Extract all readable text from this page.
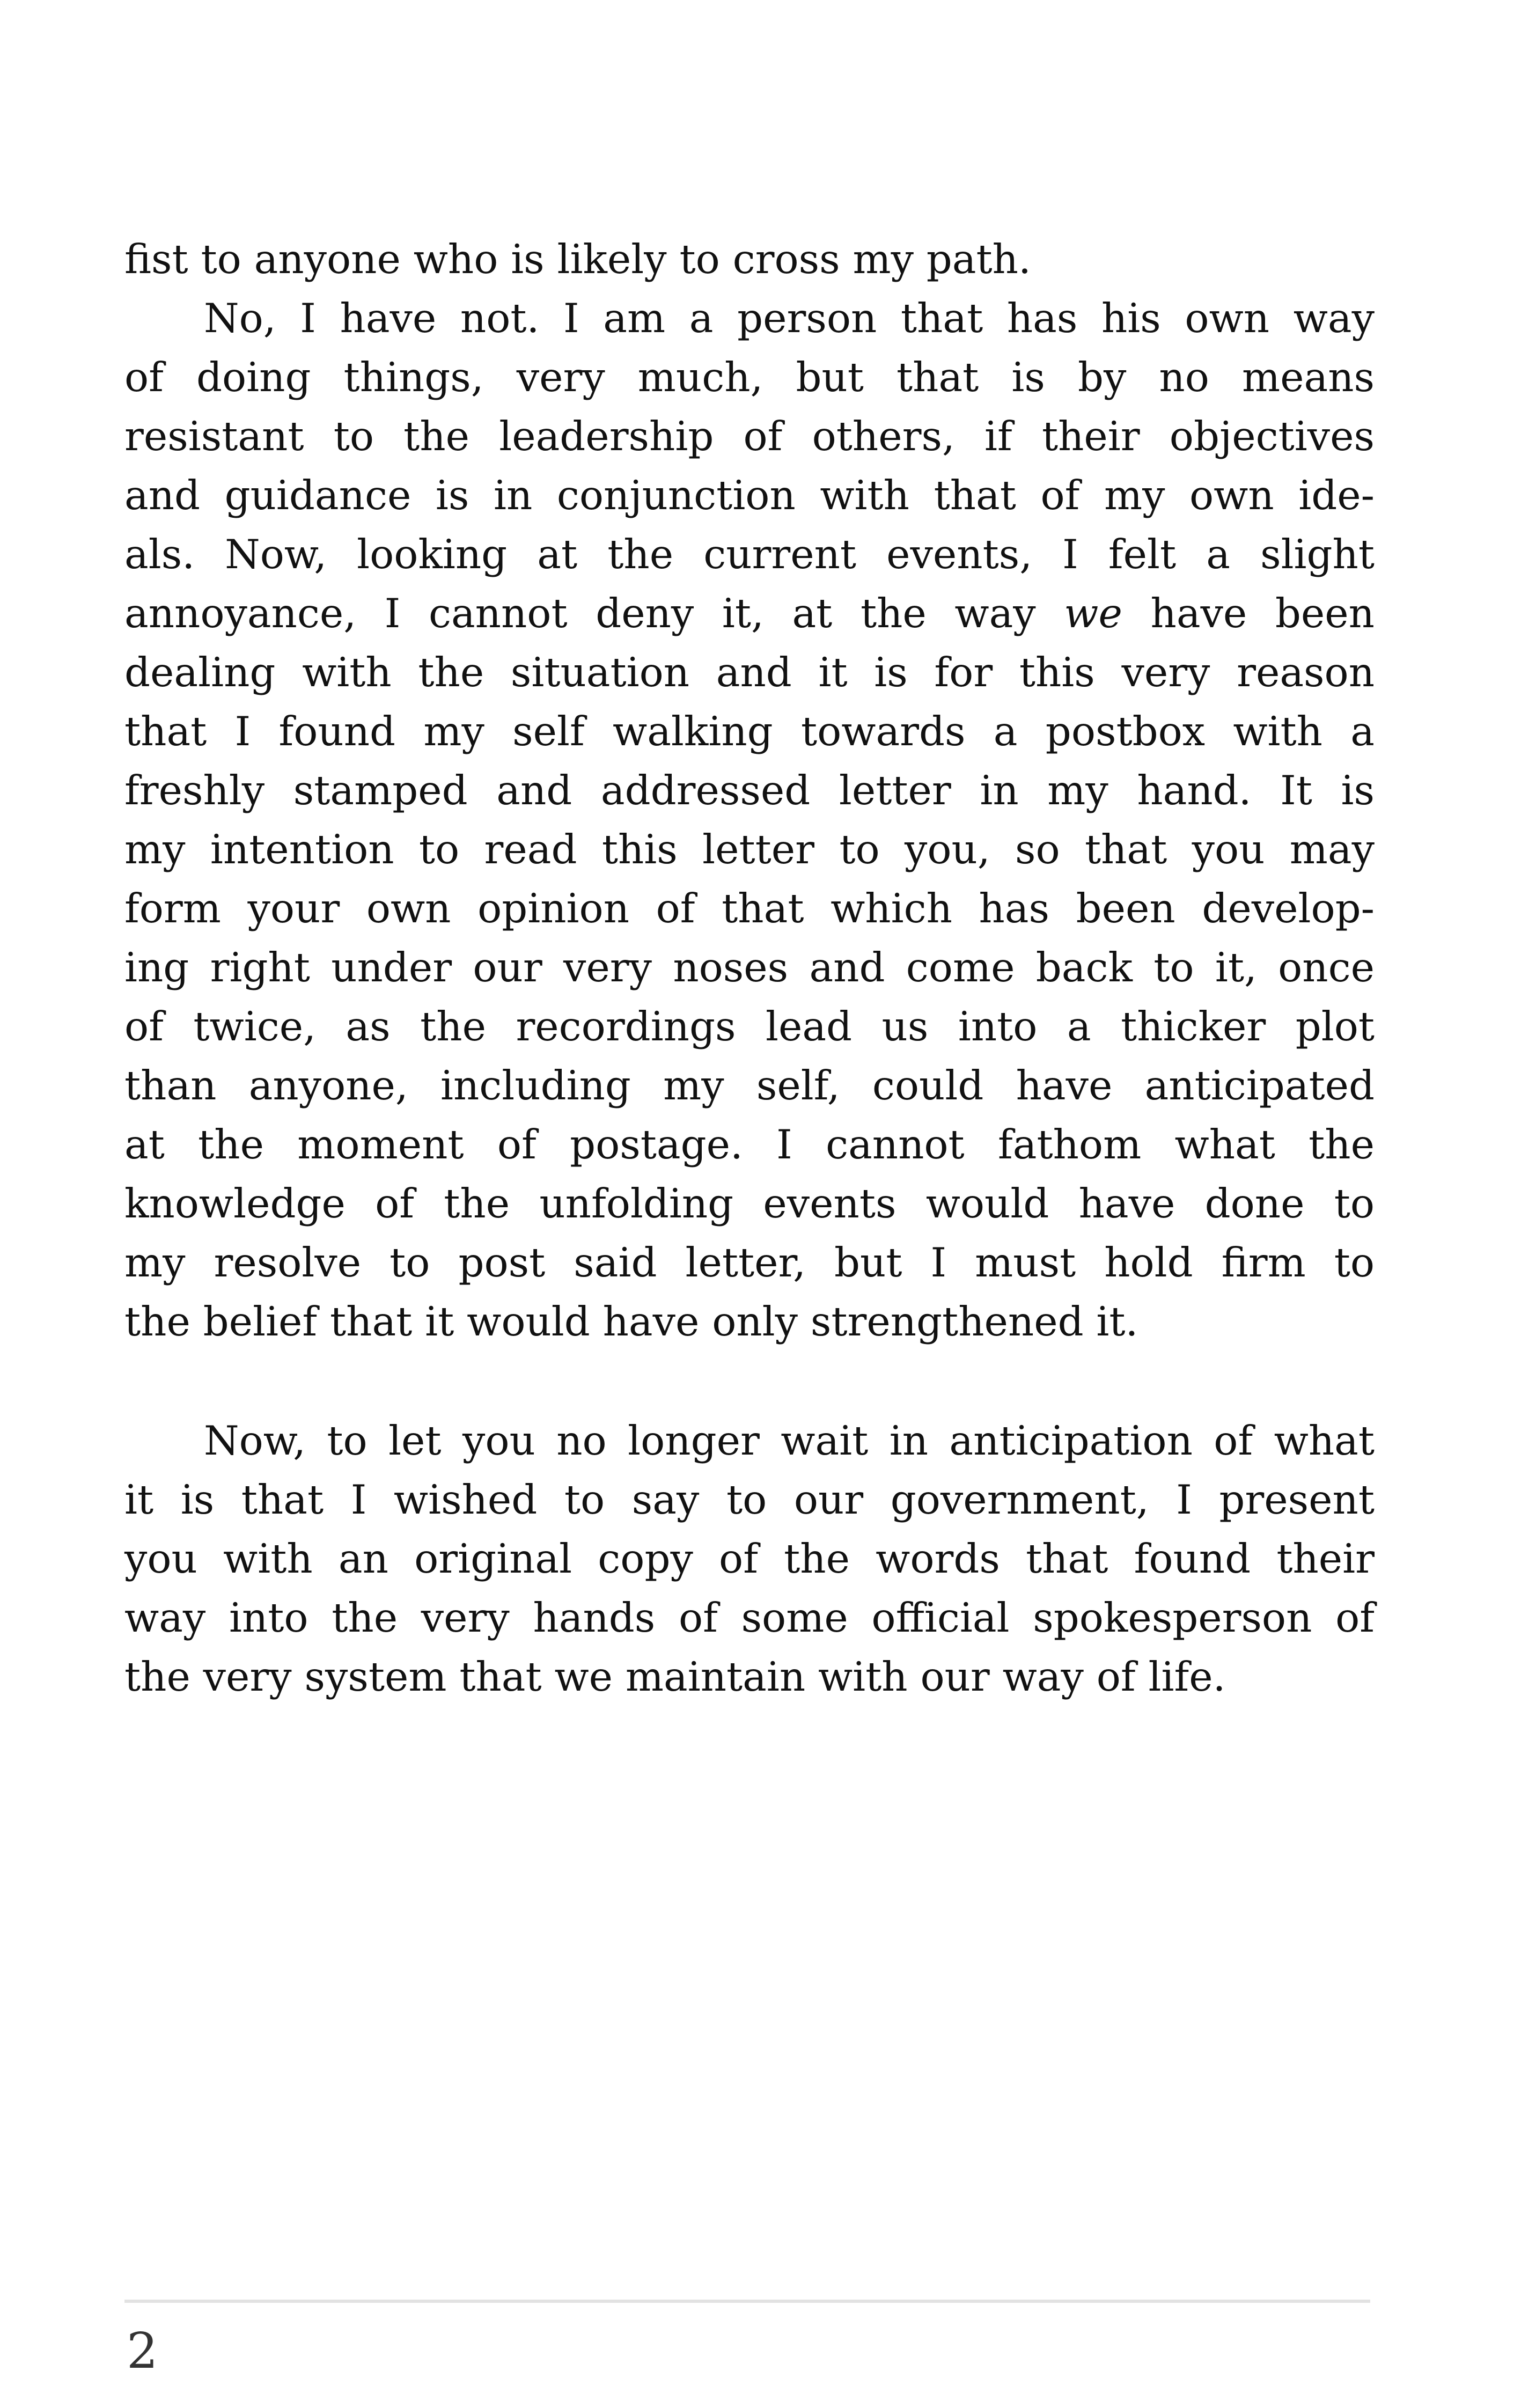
fist to anyone who is likely to cross my path.
No, I have not. I am a person that has his own way
of doing things, very much, but that is by no means
resistant to the leadership of others, if their objectives
and guidance is in conjunction with that of my own ide-
als. Now, looking at the current events, I felt a slight
annoyance, I cannot deny it, at the way we have been
dealing with the situation and it is for this very reason
that I found my self walking towards a postbox with a
freshly stamped and addressed letter in my hand. It is
my intention to read this letter to you, so that you may
form your own opinion of that which has been develop-
ing right under our very noses and come back to it, once
of twice, as the recordings lead us into a thicker plot
than anyone, including my self, could have anticipated
at the moment of postage. I cannot fathom what the
knowledge of the unfolding events would have done to
my resolve to post said letter, but I must hold firm to
the belief that it would have only strengthened it.
Now, to let you no longer wait in anticipation of what
it is that I wished to say to our government, I present
you with an original copy of the words that found their
way into the very hands of some official spokesperson of
the very system that we maintain with our way of life.
2
